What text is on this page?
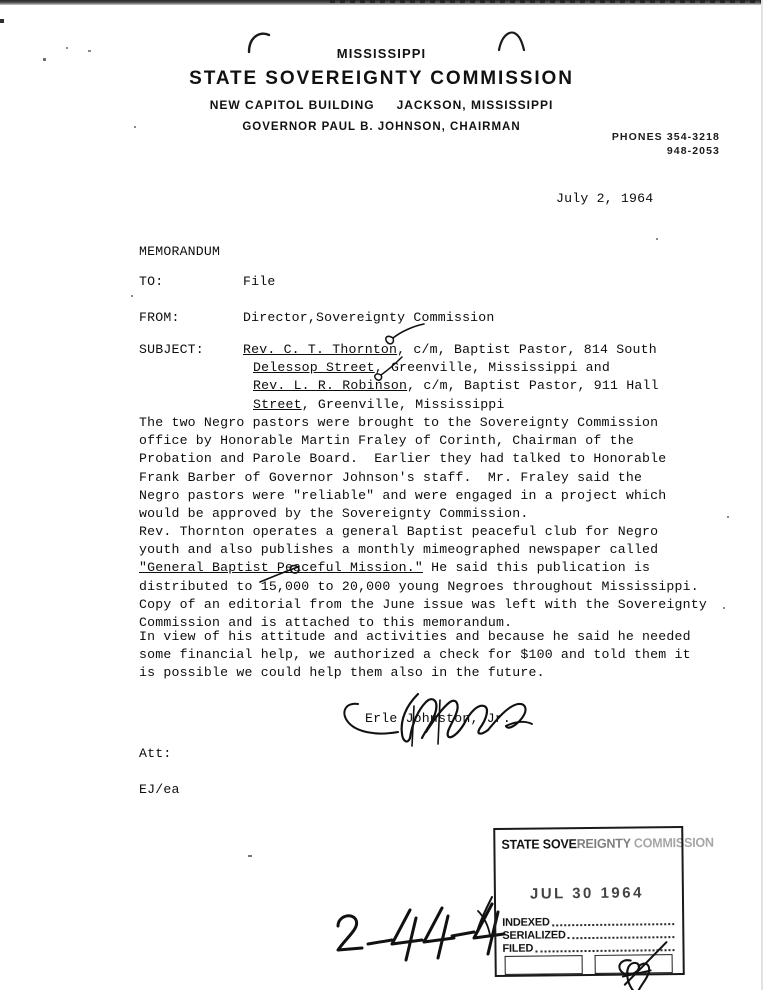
MISSISSIPPI
STATE SOVEREIGNTY COMMISSION
NEW CAPITOL BUILDING JACKSON, MISSISSIPPI
GOVERNOR PAUL B. JOHNSON, CHAIRMAN
PHONES 354-3218
948-2053
July 2, 1964
MEMORANDUM
TO:	File
FROM:	Director,Sovereignty Commission
SUBJECT:	Rev. C. T. Thornton, c/m, Baptist Pastor, 814 South
Delessop Street, Greenville, Mississippi and
Rev. L. R. Robinson, c/m, Baptist Pastor, 911 Hall
Street, Greenville, Mississippi
The two Negro pastors were brought to the Sovereignty Commission
office by Honorable Martin Fraley of Corinth, Chairman of the
Probation and Parole Board.  Earlier they had talked to Honorable
Frank Barber of Governor Johnson's staff.  Mr. Fraley said the
Negro pastors were "reliable" and were engaged in a project which
would be approved by the Sovereignty Commission.
Rev. Thornton operates a general Baptist peaceful club for Negro
youth and also publishes a monthly mimeographed newspaper called
"General Baptist Peaceful Mission." He said this publication is
distributed to 15,000 to 20,000 young Negroes throughout Mississippi.
Copy of an editorial from the June issue was left with the Sovereignty
Commission and is attached to this memorandum.
In view of his attitude and activities and because he said he needed
some financial help, we authorized a check for $100 and told them it
is possible we could help them also in the future.
Erle Johnston, Jr.
Att:
EJ/ea
STATE SOVEREIGNTY COMMISSION
JUL 30 1964
INDEXED
SERIALIZED
FILED
